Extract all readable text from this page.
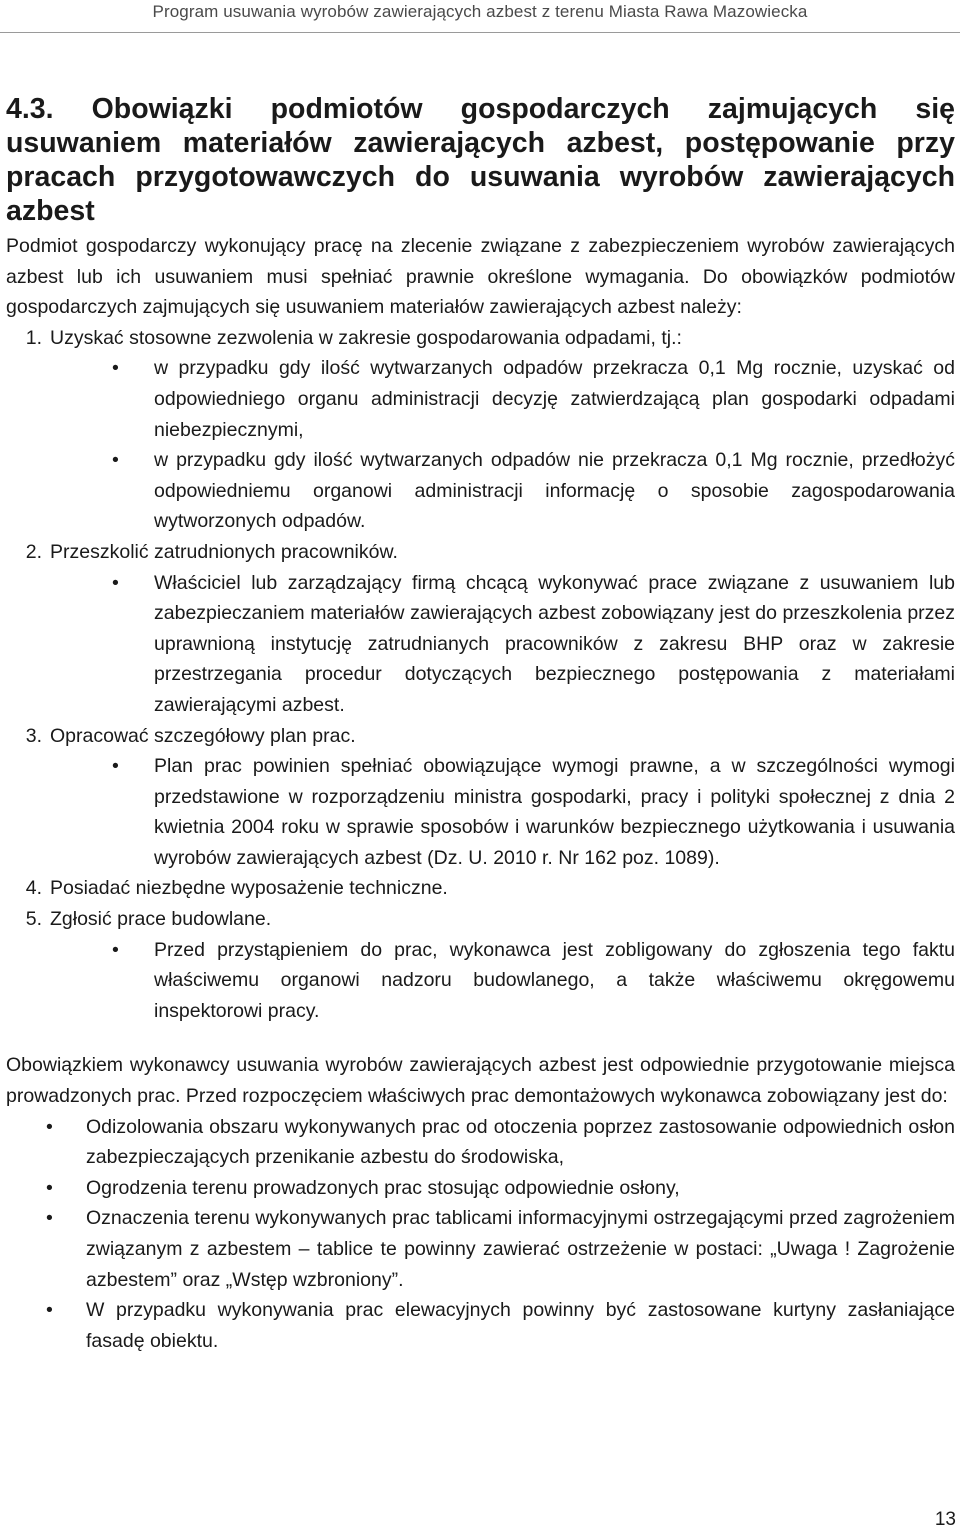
Program usuwania wyrobów zawierających azbest z terenu Miasta Rawa Mazowiecka
4.3. Obowiązki podmiotów gospodarczych zajmujących się usuwaniem materiałów zawierających azbest, postępowanie przy pracach przygotowawczych do usuwania wyrobów zawierających azbest

Podmiot gospodarczy wykonujący pracę na zlecenie związane z zabezpieczeniem wyrobów zawierających azbest lub ich usuwaniem musi spełniać prawnie określone wymagania. Do obowiązków podmiotów gospodarczych zajmujących się usuwaniem materiałów zawierających azbest należy:

1. Uzyskać stosowne zezwolenia w zakresie gospodarowania odpadami, tj.:
• w przypadku gdy ilość wytwarzanych odpadów przekracza 0,1 Mg rocznie, uzyskać od odpowiedniego organu administracji decyzję zatwierdzającą plan gospodarki odpadami niebezpiecznymi,
• w przypadku gdy ilość wytwarzanych odpadów nie przekracza 0,1 Mg rocznie, przedłożyć odpowiedniemu organowi administracji informację o sposobie zagospodarowania wytworzonych odpadów.
2. Przeszkolić zatrudnionych pracowników.
• Właściciel lub zarządzający firmą chcącą wykonywać prace związane z usuwaniem lub zabezpieczaniem materiałów zawierających azbest zobowiązany jest do przeszkolenia przez uprawnioną instytucję zatrudnianych pracowników z zakresu BHP oraz w zakresie przestrzegania procedur dotyczących bezpiecznego postępowania z materiałami zawierającymi azbest.
3. Opracować szczegółowy plan prac.
• Plan prac powinien spełniać obowiązujące wymogi prawne, a w szczególności wymogi przedstawione w rozporządzeniu ministra gospodarki, pracy i polityki społecznej z dnia 2 kwietnia 2004 roku w sprawie sposobów i warunków bezpiecznego użytkowania i usuwania wyrobów zawierających azbest (Dz. U. 2010 r. Nr 162 poz. 1089).
4. Posiadać niezbędne wyposażenie techniczne.
5. Zgłosić prace budowlane.
• Przed przystąpieniem do prac, wykonawca jest zobligowany do zgłoszenia tego faktu właściwemu organowi nadzoru budowlanego, a także właściwemu okręgowemu inspektorowi pracy.

Obowiązkiem wykonawcy usuwania wyrobów zawierających azbest jest odpowiednie przygotowanie miejsca prowadzonych prac. Przed rozpoczęciem właściwych prac demontażowych wykonawca zobowiązany jest do:

• Odizolowania obszaru wykonywanych prac od otoczenia poprzez zastosowanie odpowiednich osłon zabezpieczających przenikanie azbestu do środowiska,
• Ogrodzenia terenu prowadzonych prac stosując odpowiednie osłony,
• Oznaczenia terenu wykonywanych prac tablicami informacyjnymi ostrzegającymi przed zagrożeniem związanym z azbestem – tablice te powinny zawierać ostrzeżenie w postaci: „Uwaga ! Zagrożenie azbestem” oraz „Wstęp wzbroniony”.
• W przypadku wykonywania prac elewacyjnych powinny być zastosowane kurtyny zasłaniające fasadę obiektu.
13
